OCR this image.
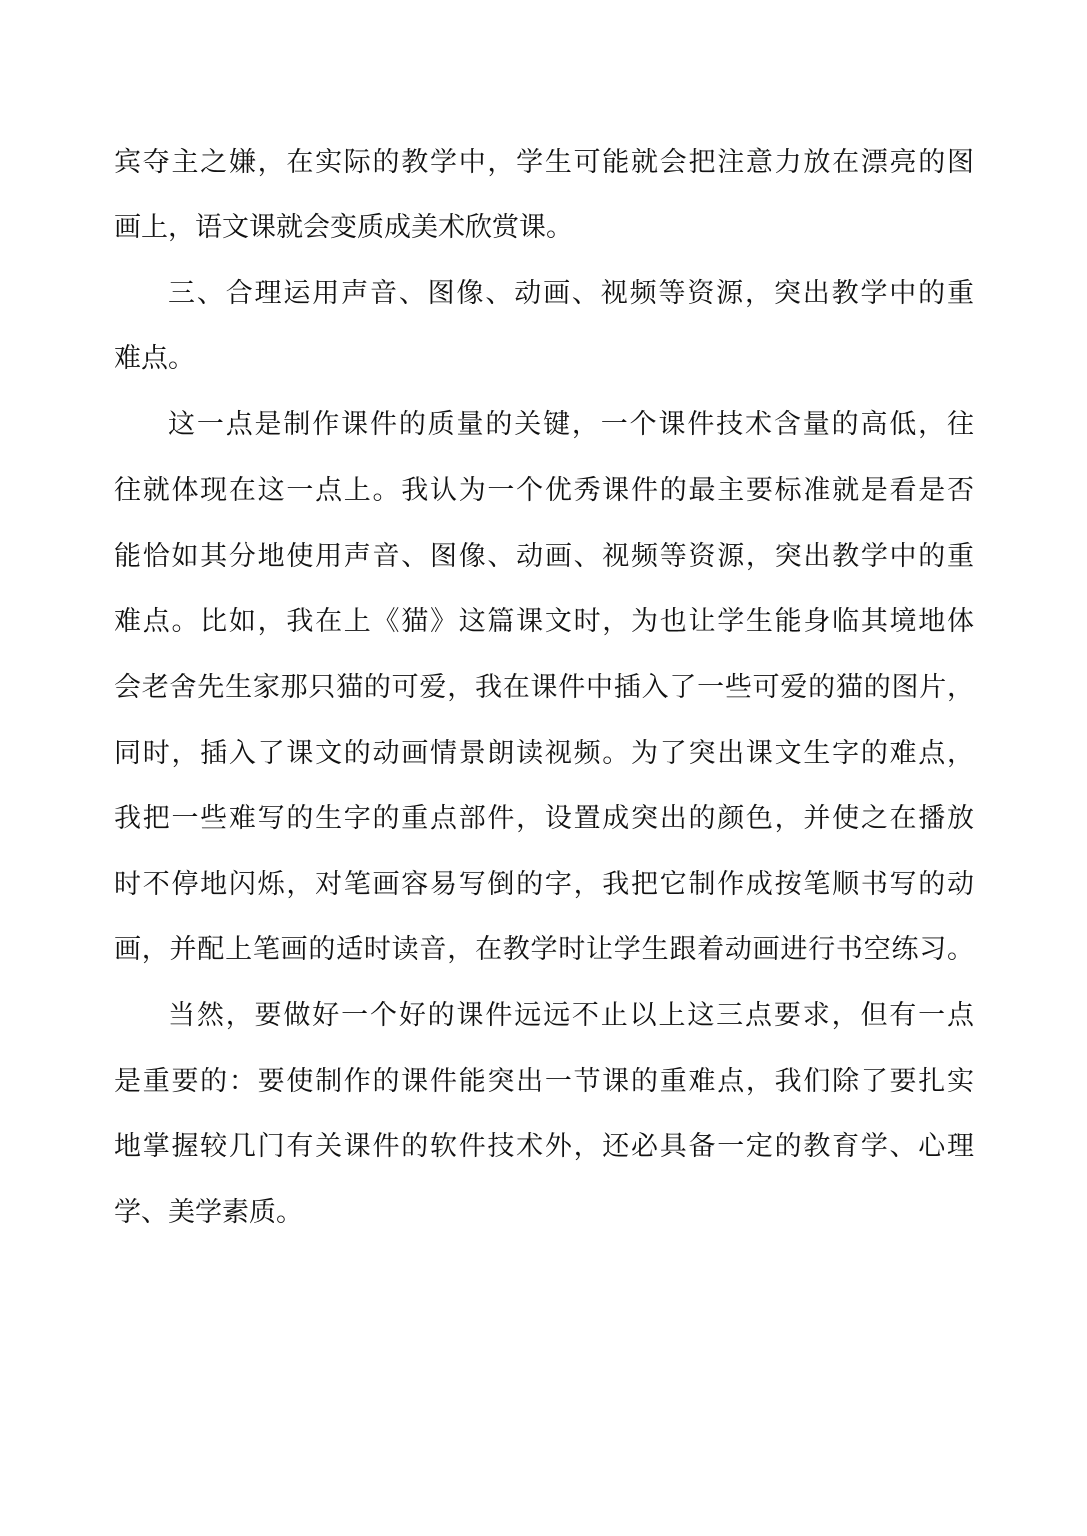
宾夺主之嫌，在实际的教学中，学生可能就会把注意力放在漂亮的图
画上，语文课就会变质成美术欣赏课。
三、合理运用声音、图像、动画、视频等资源，突出教学中的重
难点。
这一点是制作课件的质量的关键，一个课件技术含量的高低，往
往就体现在这一点上。我认为一个优秀课件的最主要标准就是看是否
能恰如其分地使用声音、图像、动画、视频等资源，突出教学中的重
难点。比如，我在上《猫》这篇课文时，为也让学生能身临其境地体
会老舍先生家那只猫的可爱，我在课件中插入了一些可爱的猫的图片，
同时，插入了课文的动画情景朗读视频。为了突出课文生字的难点，
我把一些难写的生字的重点部件，设置成突出的颜色，并使之在播放
时不停地闪烁，对笔画容易写倒的字，我把它制作成按笔顺书写的动
画，并配上笔画的适时读音，在教学时让学生跟着动画进行书空练习。
当然，要做好一个好的课件远远不止以上这三点要求，但有一点
是重要的：要使制作的课件能突出一节课的重难点，我们除了要扎实
地掌握较几门有关课件的软件技术外，还必具备一定的教育学、心理
学、美学素质。
